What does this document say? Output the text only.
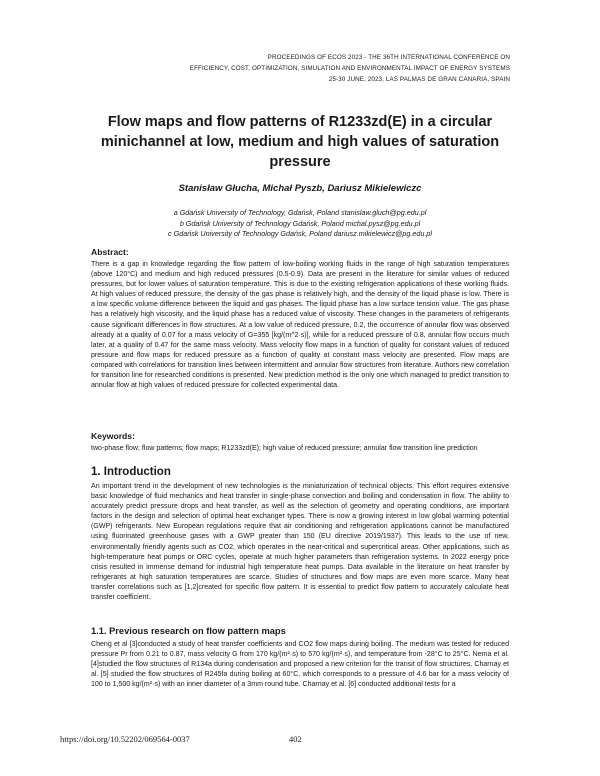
PROCEEDINGS OF ECOS 2023 - THE 36TH INTERNATIONAL CONFERENCE ON
EFFICIENCY, COST, OPTIMIZATION, SIMULATION AND ENVIRONMENTAL IMPACT OF ENERGY SYSTEMS
25-30 JUNE, 2023, LAS PALMAS DE GRAN CANARIA, SPAIN
Flow maps and flow patterns of R1233zd(E) in a circular minichannel at low, medium and high values of saturation pressure
Stanisław Głucha, Michał Pyszb, Dariusz Mikielewiczc
a Gdańsk University of Technology, Gdańsk, Poland stanislaw.gluch@pg.edu.pl
b Gdańsk University of Technology Gdańsk, Poland michal.pysz@pg.edu.pl
c Gdańsk University of Technology Gdańsk, Poland dariusz.mikielewicz@pg.edu.pl
Abstract:
There is a gap in knowledge regarding the flow pattern of low-boiling working fluids in the range of high saturation temperatures (above 120°C) and medium and high reduced pressures (0.5-0.9). Data are present in the literature for similar values of reduced pressures, but for lower values of saturation temperature. This is due to the existing refrigeration applications of these working fluids. At high values of reduced pressure, the density of the gas phase is relatively high, and the density of the liquid phase is low. There is a low specific volume difference between the liquid and gas phases. The liquid phase has a low surface tension value. The gas phase has a relatively high viscosity, and the liquid phase has a reduced value of viscosity. These changes in the parameters of refrigerants cause significant differences in flow structures. At a low value of reduced pressure, 0.2, the occurrence of annular flow was observed already at a quality of 0.07 for a mass velocity of G=355 [kg/(m^2·s)], while for a reduced pressure of 0.8, annular flow occurs much later, at a quality of 0.47 for the same mass velocity. Mass velocity flow maps in a function of quality for constant values of reduced pressure and flow maps for reduced pressure as a function of quality at constant mass velocity are presented. Flow maps are compared with correlations for transition lines between intermittent and annular flow structures from literature. Authors new correlation for transition line for researched conditions is presented. New prediction method is the only one which managed to predict transition to annular flow at high values of reduced pressure for collected experimental data.
Keywords:
two-phase flow; flow patterns; flow maps; R1233zd(E); high value of reduced pressure; annular flow transition line prediction
1. Introduction
An important trend in the development of new technologies is the miniaturization of technical objects. This effort requires extensive basic knowledge of fluid mechanics and heat transfer in single-phase convection and boiling and condensation in flow. The ability to accurately predict pressure drops and heat transfer, as well as the selection of geometry and operating conditions, are important factors in the design and selection of optimal heat exchanger types. There is now a growing interest in low global warming potential (GWP) refrigerants. New European regulations require that air conditioning and refrigeration applications cannot be manufactured using fluorinated greenhouse gases with a GWP greater than 150 (EU directive 2019/1937). This leads to the use of new, environmentally friendly agents such as CO2, which operates in the near-critical and supercritical areas. Other applications, such as high-temperature heat pumps or ORC cycles, operate at much higher parameters than refrigeration systems. In 2022 energy price crisis resulted in immense demand for industrial high temperature heat pumps. Data available in the literature on heat transfer by refrigerants at high saturation temperatures are scarce. Studies of structures and flow maps are even more scarce. Many heat transfer correlations such as [1,2]created for specific flow pattern. It is essential to predict flow pattern to accurately calculate heat transfer coefficient.
1.1. Previous research on flow pattern maps
Cheng et al [3]conducted a study of heat transfer coefficients and CO2 flow maps during boiling. The medium was tested for reduced pressure Pr from 0.21 to 0.87, mass velocity G from 170 kg/(m²·s) to 570 kg/(m²·s), and temperature from -28°C to 25°C. Nema et al. [4]studied the flow structures of R134a during condensation and proposed a new criterion for the transit of flow structures. Charnay et al. [5] studied the flow structures of R245fa during boiling at 60°C, which corresponds to a pressure of 4.6 bar for a mass velocity of 100 to 1,500 kg/(m²·s) with an inner diameter of a 3mm round tube. Charnay et al. [6] conducted additional tests for a
https://doi.org/10.52202/069564-0037	402
